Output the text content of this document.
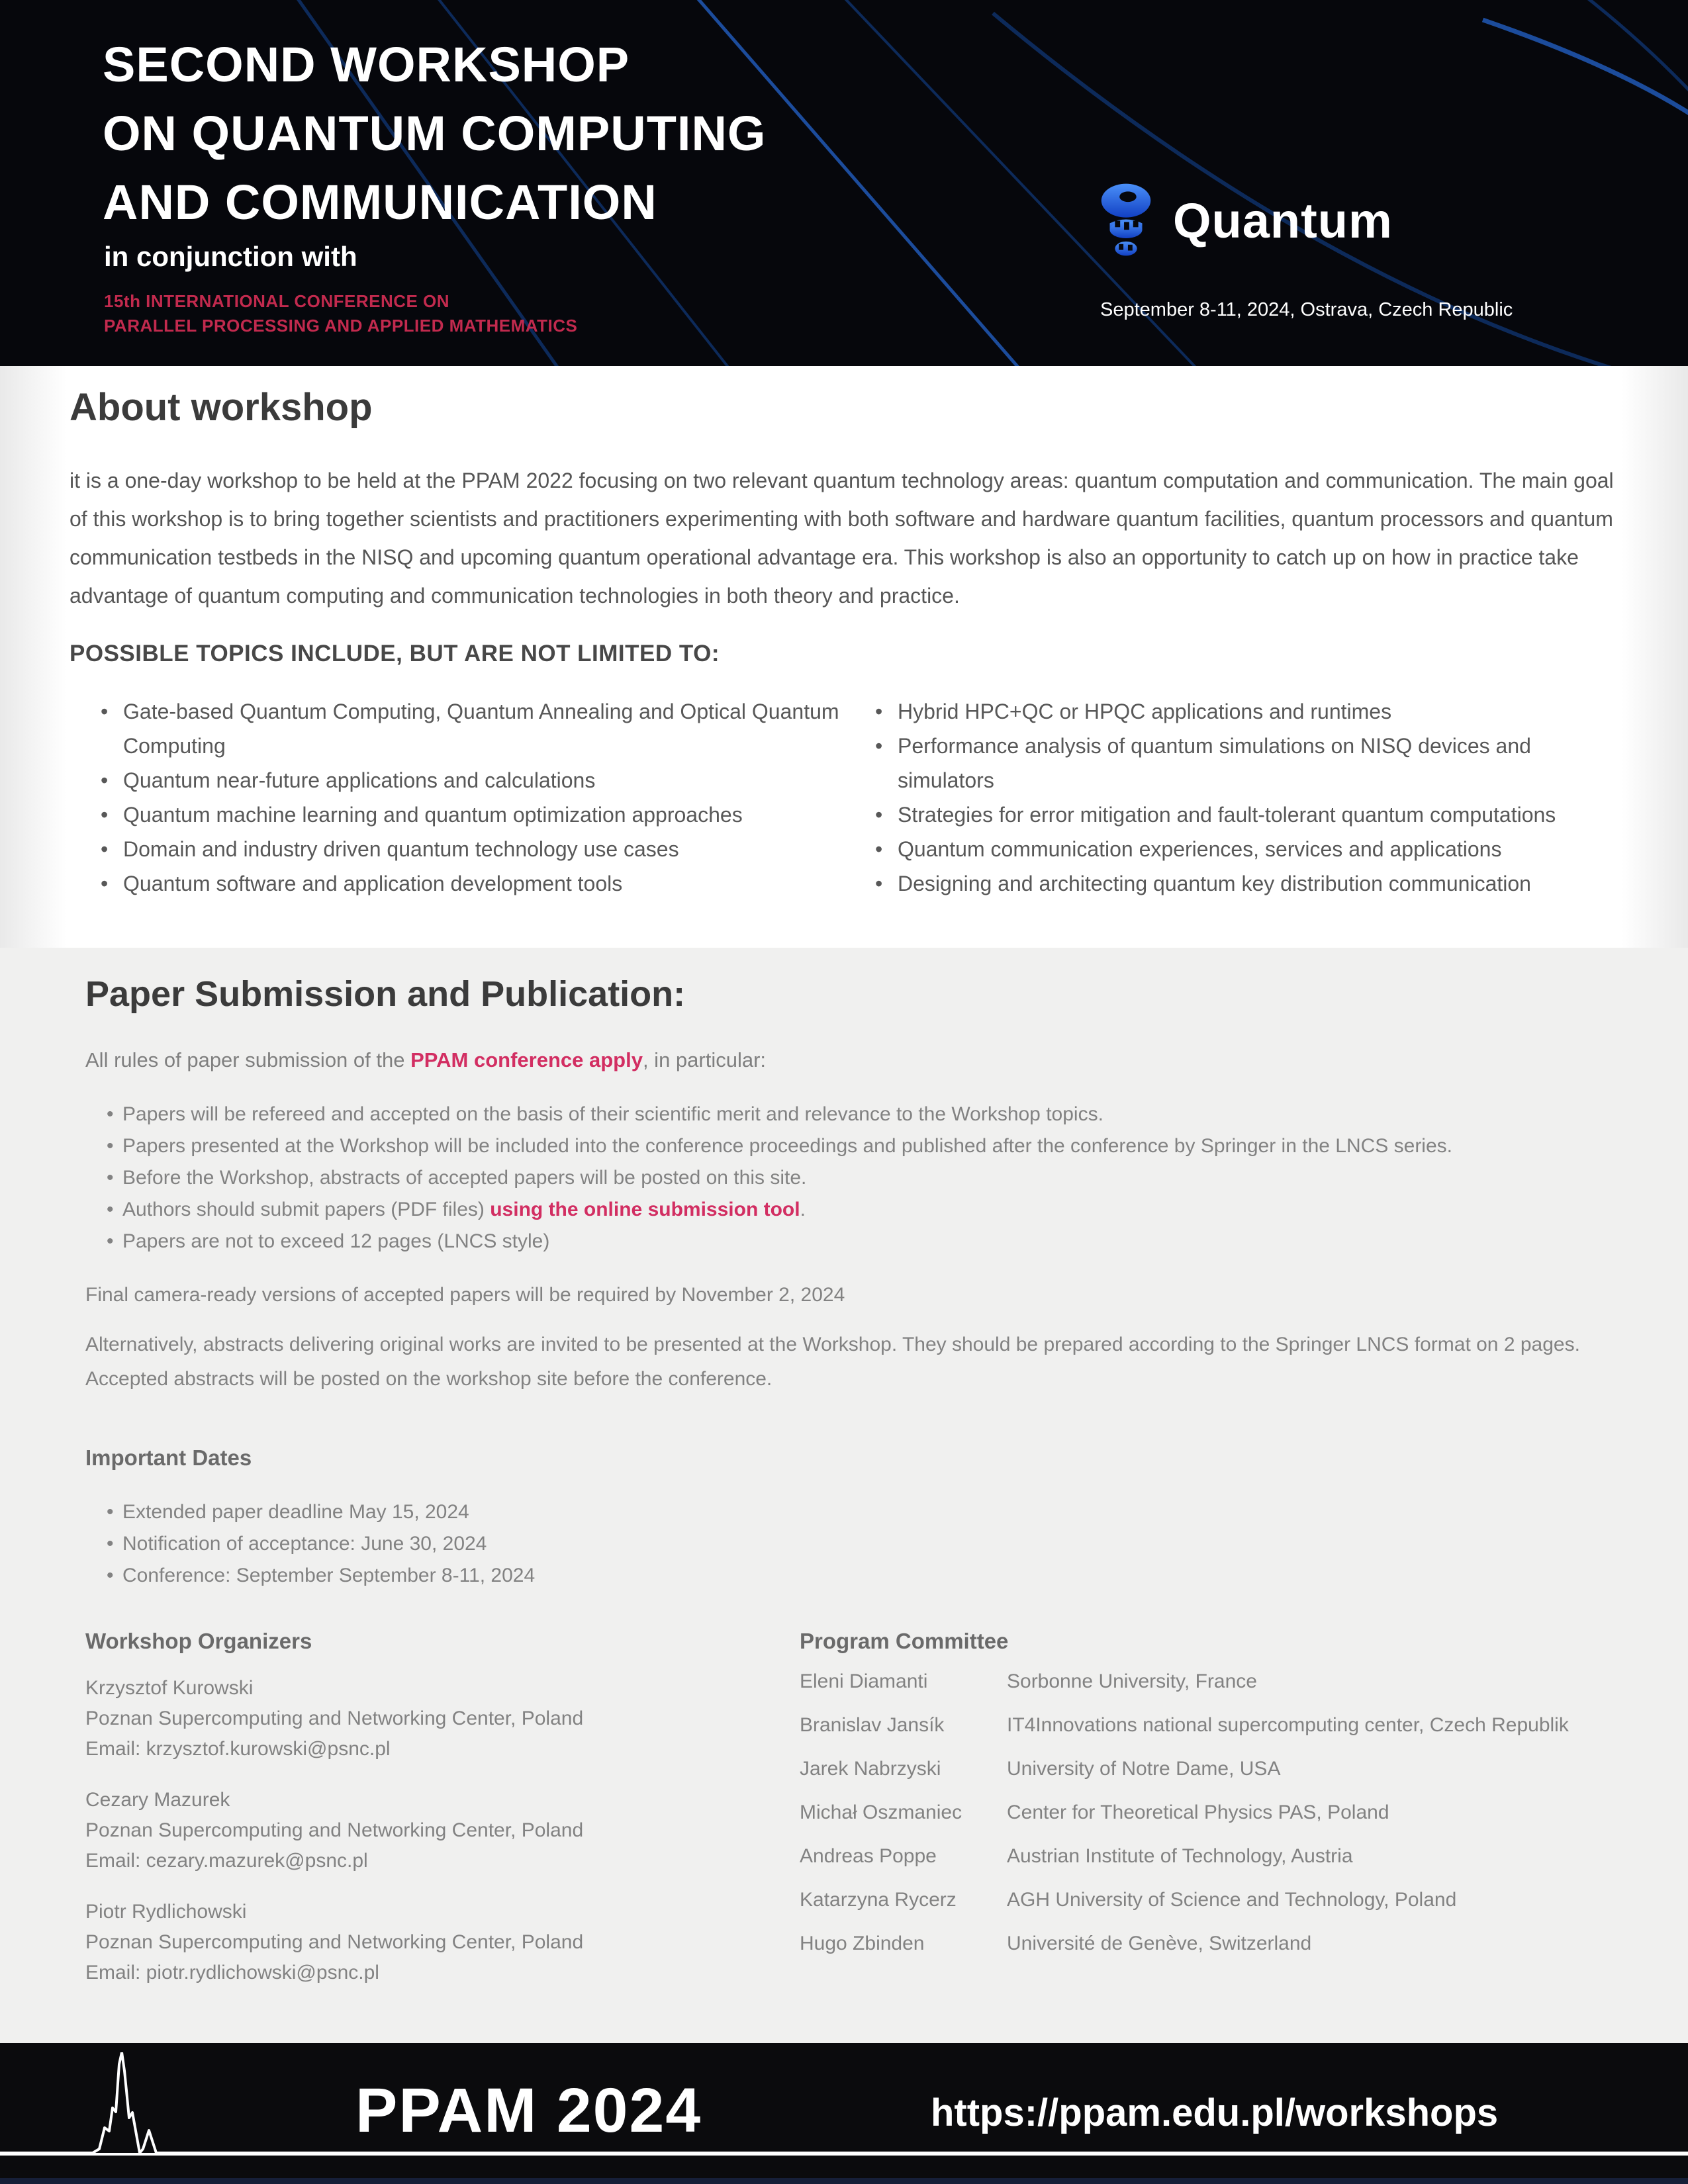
SECOND WORKSHOP
ON QUANTUM COMPUTING
AND COMMUNICATION
in conjunction with
15th INTERNATIONAL CONFERENCE ON
PARALLEL PROCESSING AND APPLIED MATHEMATICS
Quantum
September 8-11, 2024, Ostrava, Czech Republic
About workshop

it is a one-day workshop to be held at the PPAM 2022 focusing on two relevant quantum technology areas: quantum computation and communication. The main goal of this workshop is to bring together scientists and practitioners experimenting with both software and hardware quantum facilities, quantum processors and quantum communication testbeds in the NISQ and upcoming quantum operational advantage era. This workshop is also an opportunity to catch up on how in practice take advantage of quantum computing and communication technologies in both theory and practice.

POSSIBLE TOPICS INCLUDE, BUT ARE NOT LIMITED TO:
• Gate-based Quantum Computing, Quantum Annealing and Optical Quantum Computing
• Quantum near-future applications and calculations
• Quantum machine learning and quantum optimization approaches
• Domain and industry driven quantum technology use cases
• Quantum software and application development tools
• Hybrid HPC+QC or HPQC applications and runtimes
• Performance analysis of quantum simulations on NISQ devices and simulators
• Strategies for error mitigation and fault-tolerant quantum computations
• Quantum communication experiences, services and applications
• Designing and architecting quantum key distribution communication
Paper Submission and Publication:

All rules of paper submission of the PPAM conference apply, in particular:

• Papers will be refereed and accepted on the basis of their scientific merit and relevance to the Workshop topics.
• Papers presented at the Workshop will be included into the conference proceedings and published after the conference by Springer in the LNCS series.
• Before the Workshop, abstracts of accepted papers will be posted on this site.
• Authors should submit papers (PDF files) using the online submission tool.
• Papers are not to exceed 12 pages (LNCS style)

Final camera-ready versions of accepted papers will be required by November 2, 2024

Alternatively, abstracts delivering original works are invited to be presented at the Workshop. They should be prepared according to the Springer LNCS format on 2 pages. Accepted abstracts will be posted on the workshop site before the conference.

Important Dates
• Extended paper deadline May 15, 2024
• Notification of acceptance: June 30, 2024
• Conference: September September 8-11, 2024
Workshop Organizers
Krzysztof Kurowski
Poznan Supercomputing and Networking Center, Poland
Email: krzysztof.kurowski@psnc.pl
Cezary Mazurek
Poznan Supercomputing and Networking Center, Poland
Email: cezary.mazurek@psnc.pl
Piotr Rydlichowski
Poznan Supercomputing and Networking Center, Poland
Email: piotr.rydlichowski@psnc.pl
Program Committee
Eleni Diamanti	Sorbonne University, France
Branislav Jansík	IT4Innovations national supercomputing center, Czech Republik
Jarek Nabrzyski	University of Notre Dame, USA
Michał Oszmaniec	Center for Theoretical Physics PAS, Poland
Andreas Poppe	Austrian Institute of Technology, Austria
Katarzyna Rycerz	AGH University of Science and Technology, Poland
Hugo Zbinden	Université de Genève, Switzerland
PPAM 2024	https://ppam.edu.pl/workshops
